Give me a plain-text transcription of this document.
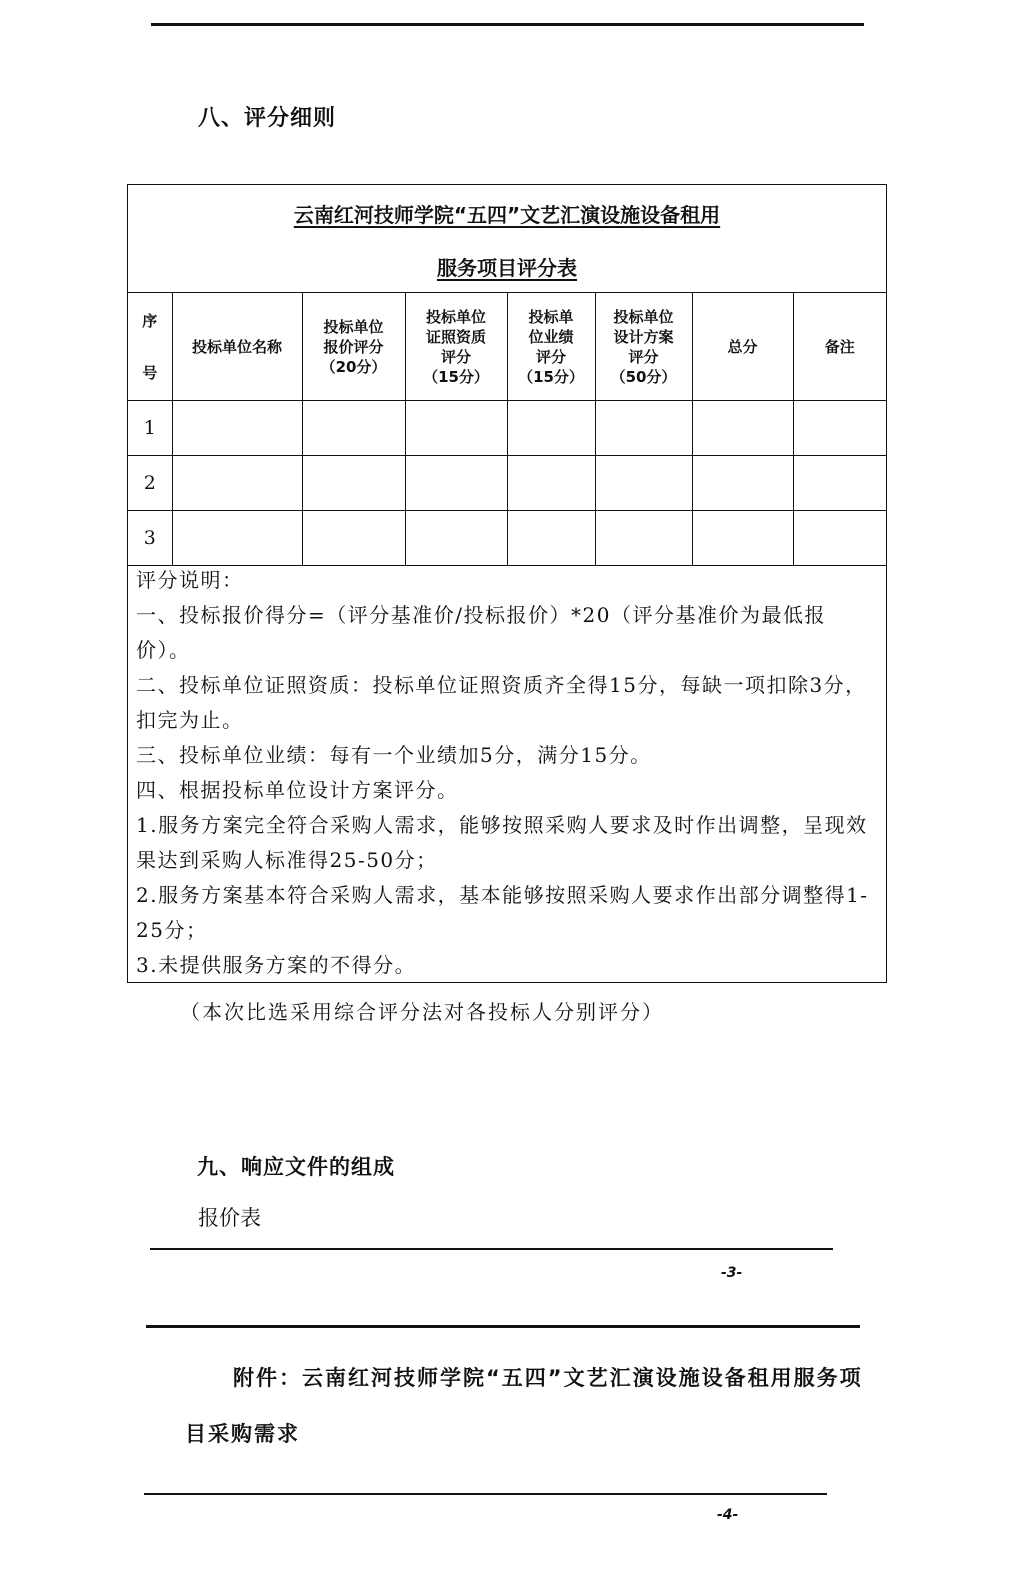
八、评分细则
云南红河技师学院“五四”文艺汇演设施设备租用
服务项目评分表
序

号	投标单位名称	投标单位
报价评分
（20分）	投标单位
证照资质
评分
（15分）	投标单
位业绩
评分
（15分）	投标单位
设计方案
评分
（50分）	总分	备注
1							
2							
3							

评分说明：

一、投标报价得分=（评分基准价/投标报价）*20（评分基准价为最低报价）。

二、投标单位证照资质：投标单位证照资质齐全得15分，每缺一项扣除3分，扣完为止。

三、投标单位业绩：每有一个业绩加5分，满分15分。

四、根据投标单位设计方案评分。

1.服务方案完全符合采购人需求，能够按照采购人要求及时作出调整，呈现效果达到采购人标准得25-50分；

2.服务方案基本符合采购人需求，基本能够按照采购人要求作出部分调整得1-25分；

3.未提供服务方案的不得分。

（本次比选采用综合评分法对各投标人分别评分）
九、响应文件的组成
报价表
-3-
附件：云南红河技师学院“五四”文艺汇演设施设备租用服务项目采购需求
-4-
